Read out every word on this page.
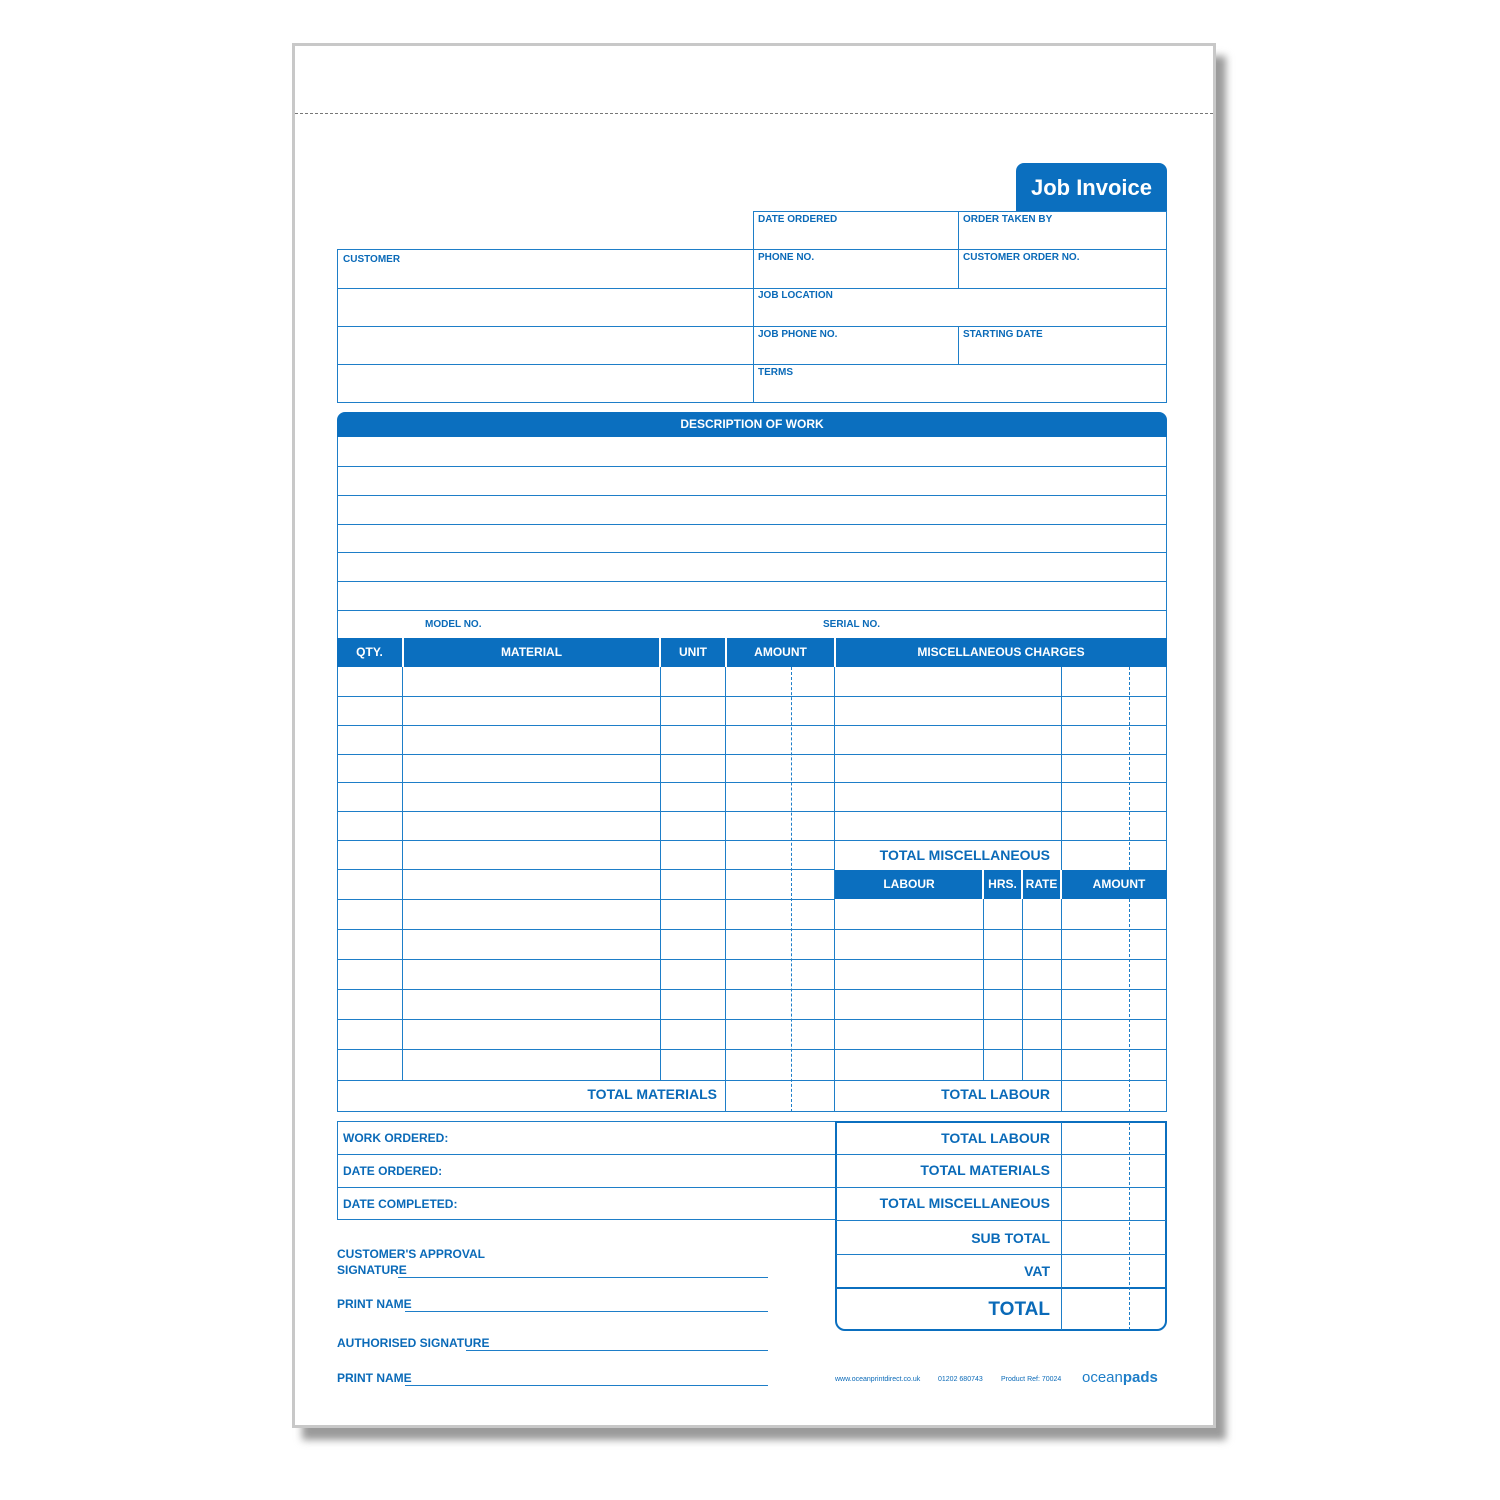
Job Invoice
DATE ORDERED	ORDER TAKEN BY
CUSTOMER	PHONE NO.	CUSTOMER ORDER NO.
JOB LOCATION
JOB PHONE NO.	STARTING DATE
TERMS
DESCRIPTION OF WORK
MODEL NO.	SERIAL NO.
QTY.	MATERIAL	UNIT	AMOUNT	MISCELLANEOUS CHARGES
TOTAL MATERIALS
TOTAL MISCELLANEOUS
LABOUR	HRS. RATE	AMOUNT
TOTAL LABOUR
WORK ORDERED:
DATE ORDERED:
DATE COMPLETED:
TOTAL LABOUR
TOTAL MATERIALS
TOTAL MISCELLANEOUS
SUB TOTAL
VAT
TOTAL
CUSTOMER'S APPROVAL
SIGNATURE
PRINT NAME
AUTHORISED SIGNATURE
PRINT NAME	www.oceanprintdirect.co.uk	01202 680743	Product Ref: 70024 oceanpads
